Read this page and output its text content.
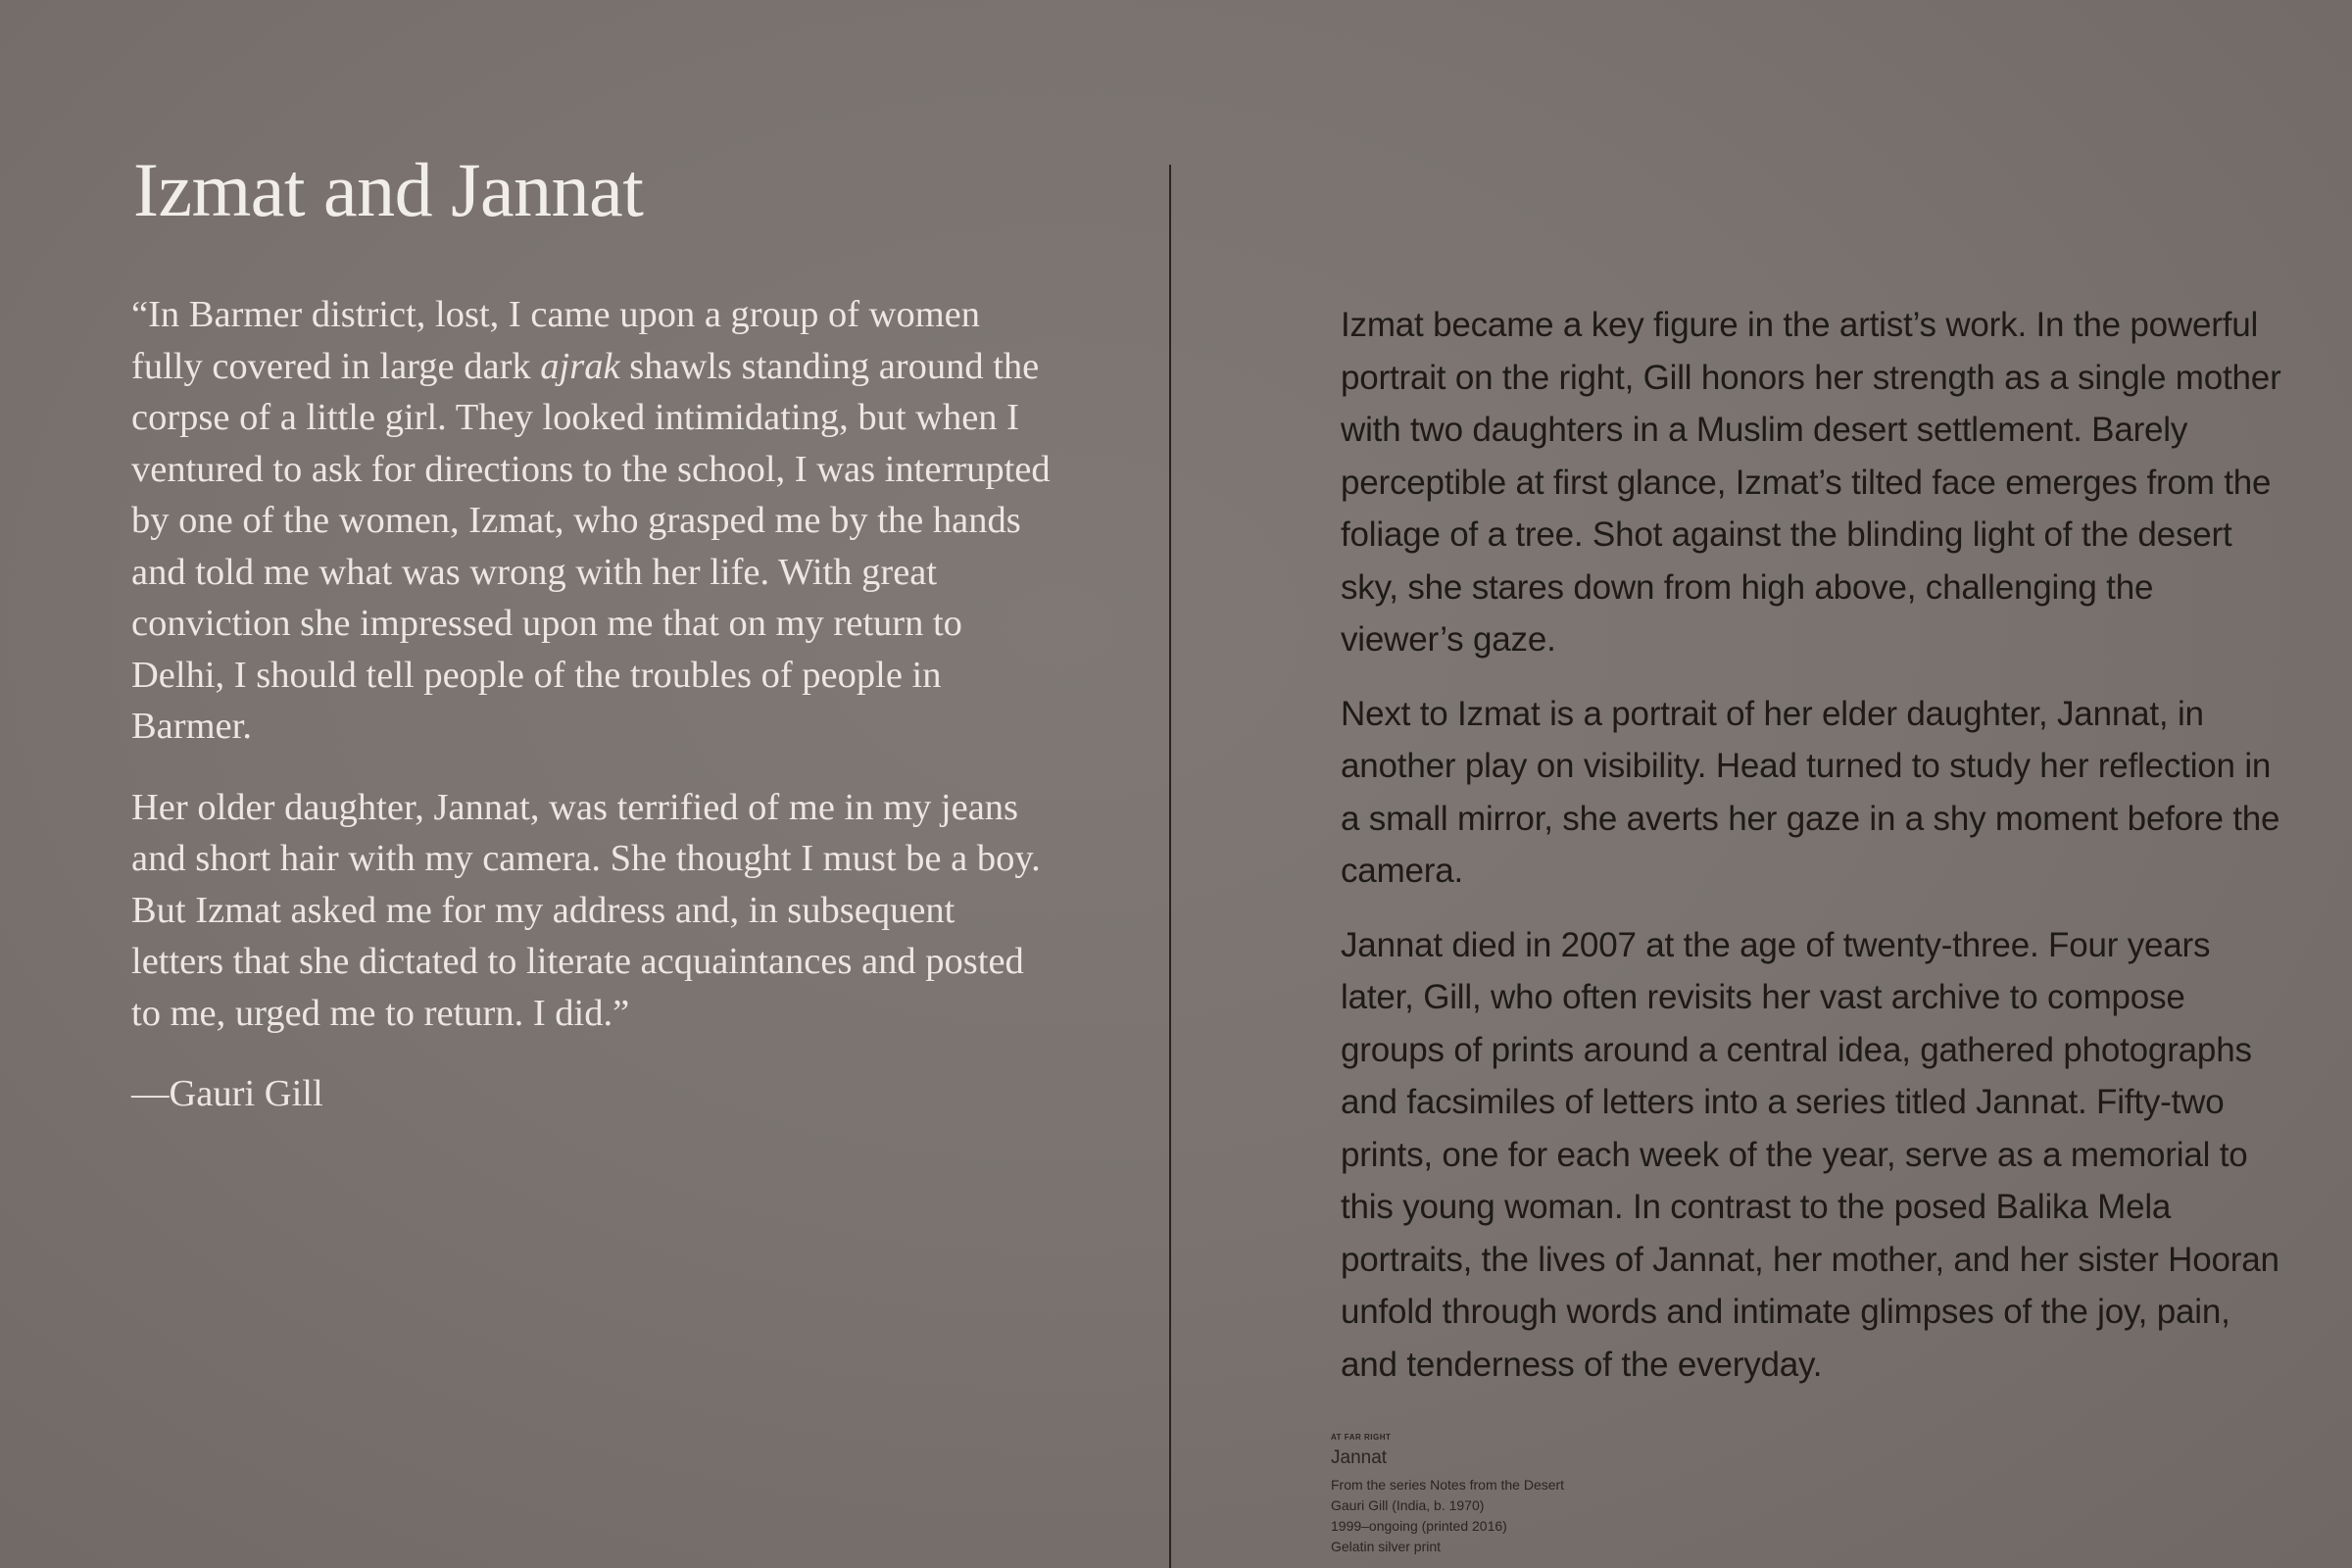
Izmat and Jannat

“In Barmer district, lost, I came upon a group of women fully covered in large dark ajrak shawls standing around the corpse of a little girl. They looked intimidating, but when I ventured to ask for directions to the school, I was interrupted by one of the women, Izmat, who grasped me by the hands and told me what was wrong with her life. With great conviction she impressed upon me that on my return to Delhi, I should tell people of the troubles of people in Barmer.

Her older daughter, Jannat, was terrified of me in my jeans and short hair with my camera. She thought I must be a boy. But Izmat asked me for my address and, in subsequent letters that she dictated to literate acquaintances and posted to me, urged me to return. I did.”

—Gauri Gill

Izmat became a key figure in the artist’s work. In the powerful portrait on the right, Gill honors her strength as a single mother with two daughters in a Muslim desert settlement. Barely perceptible at first glance, Izmat’s tilted face emerges from the foliage of a tree. Shot against the blinding light of the desert sky, she stares down from high above, challenging the viewer’s gaze.

Next to Izmat is a portrait of her elder daughter, Jannat, in another play on visibility. Head turned to study her reflection in a small mirror, she averts her gaze in a shy moment before the camera.

Jannat died in 2007 at the age of twenty-three. Four years later, Gill, who often revisits her vast archive to compose groups of prints around a central idea, gathered photographs and facsimiles of letters into a series titled Jannat. Fifty-two prints, one for each week of the year, serve as a memorial to this young woman. In contrast to the posed Balika Mela portraits, the lives of Jannat, her mother, and her sister Hooran unfold through words and intimate glimpses of the joy, pain, and tenderness of the everyday.

AT FAR RIGHT

Jannat

From the series Notes from the Desert

Gauri Gill (India, b. 1970)

1999–ongoing (printed 2016)

Gelatin silver print
